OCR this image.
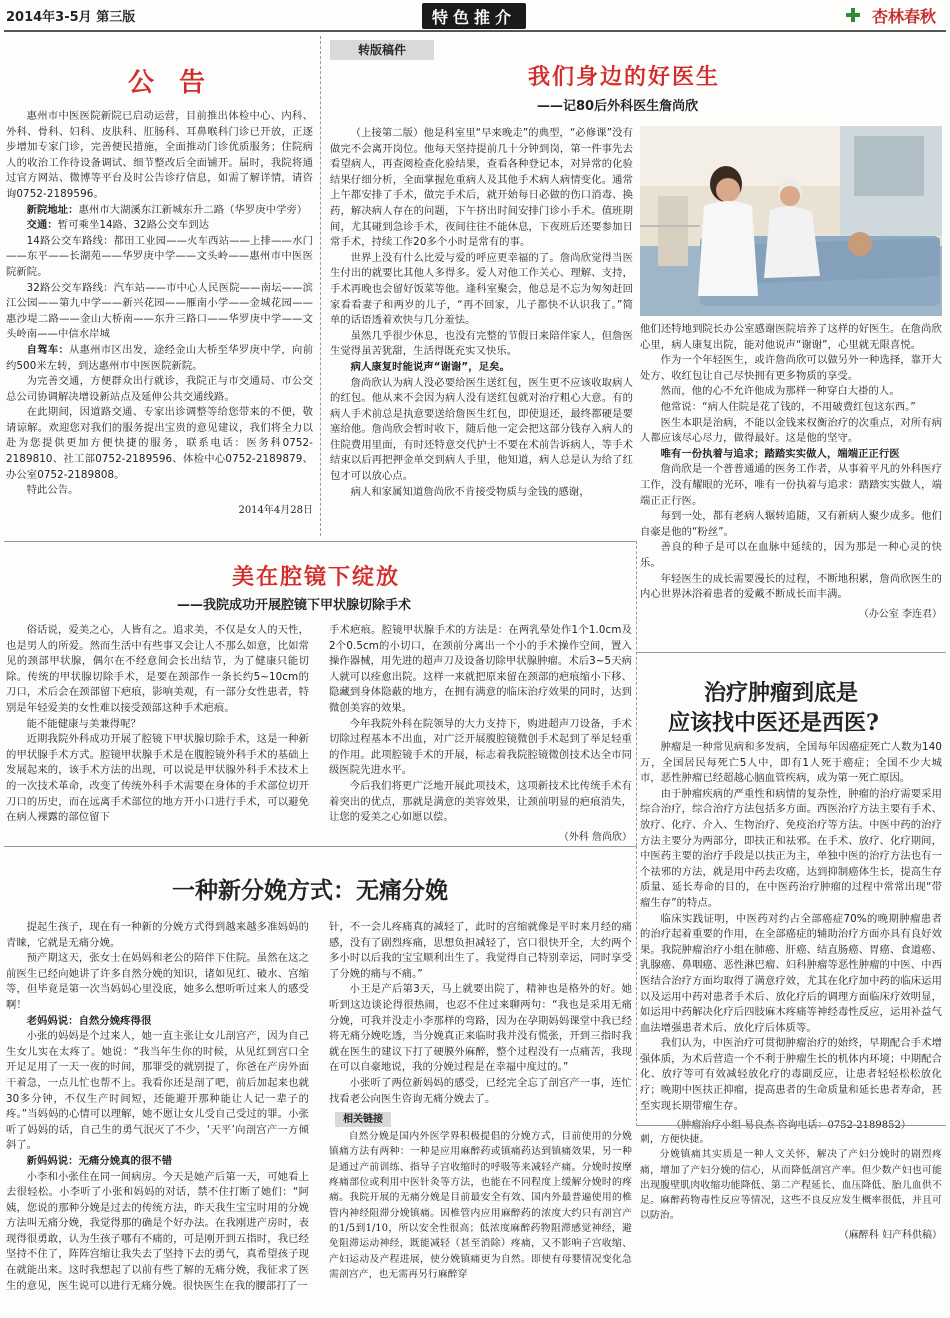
2014年3-5月 第三版	特色推介	杏林春秋
公 告

惠州市中医医院新院已启动运营，目前推出体检中心、内科、外科、骨科、妇科、皮肤科、肛肠科、耳鼻喉科门诊已开放，正逐步增加专家门诊，完善便民措施，全面推动门诊优质服务；住院病人的收治工作待设备调试、细节整改后全面铺开。届时，我院将通过官方网站、微博等平台及时公告诊疗信息，如需了解详情，请咨询0752-2189596。

新院地址：惠州市大湖溪东江新城东升二路（华罗庚中学旁）

交通：暂可乘坐14路、32路公交车到达

14路公交车路线：都田工业园——火车西站——上排——水门——东平——长湖苑——华罗庚中学——文头岭——惠州市中医医院新院。

32路公交车路线：汽车站——市中心人民医院——南坛——滨江公园——第九中学——新兴花园——雁南小学——金城花园——惠沙堤二路——金山大桥南——东升三路口——华罗庚中学——文头岭南——中信水岸城

自驾车：从惠州市区出发，途经金山大桥至华罗庚中学，向前约500米左转，到达惠州市中医医院新院。

为完善交通，方便群众出行就诊，我院正与市交通局、市公交总公司协调解决增设新站点及延伸公共交通线路。

在此期间，因道路交通、专家出诊调整等给您带来的不便，敬请谅解。欢迎您对我们的服务提出宝贵的意见建议，我们将全力以赴为您提供更加方便快捷的服务，联系电话：医务科0752-2189810、社工部0752-2189596、体检中心0752-2189879、办公室0752-2189808。

特此公告。

2014年4月28日

转版稿件
我们身边的好医生
——记80后外科医生詹尚欣

（上接第二版）他是科室里“早来晚走”的典型，“必修课”没有做完不会离开岗位。他每天坚持提前几十分钟到岗，第一件事先去看望病人，再查阅检查化验结果，查看各种登记本，对异常的化验结果仔细分析，全面掌握危重病人及其他手术病人病情变化。通常上午都安排了手术，做完手术后，就开始每日必做的伤口消毒、换药，解决病人存在的问题，下午挤出时间安排门诊小手术。值班期间，尤其碰到急诊手术，夜间往往不能休息，下夜班后还要参加日常手术，持续工作20多个小时是常有的事。

世界上没有什么比爱与爱的呼应更幸福的了。詹尚欣觉得当医生付出的就要比其他人多得多。爱人对他工作关心、理解、支持，手术再晚也会留好饭菜等他。逢科室聚会，他总是不忘为匆匆赶回家看看妻子和两岁的儿子，“再不回家，儿子都快不认识我了。”简单的话语透着欢快与几分羞怯。

虽然几乎很少休息，也没有完整的节假日来陪伴家人，但詹医生觉得虽苦犹甜，生活得既充实又快乐。

病人康复时能说声“谢谢”，足矣。

詹尚欣认为病人没必要给医生送红包，医生更不应该收取病人的红包。他从来不会因为病人没有送红包就对治疗粗心大意。有的病人手术前总是执意要送给詹医生红包，即使退还，最终都硬是要塞给他。詹尚欣会暂时收下，随后他一定会把这部分钱存入病人的住院费用里面，有时还特意交代护士不要在术前告诉病人，等手术结束以后再把押金单交到病人手里，他知道，病人总是认为给了红包才可以放心点。

病人和家属知道詹尚欣不肯接受物质与金钱的感谢，

他们还特地到院长办公室感谢医院培养了这样的好医生。在詹尚欣心里，病人康复出院，能对他说声“谢谢”，心里就无限喜悦。

作为一个年轻医生，或许詹尚欣可以做另外一种选择，靠开大处方、收红包让自己尽快拥有更多物质的享受。

然而，他的心不允许他成为那样一种穿白大褂的人。

他常说：“病人住院是花了钱的，不用破费红包这东西。”

医生本职是治病，不能以金钱来权衡治疗的次重点，对所有病人都应该尽心尽力，做得最好。这是他的坚守。

唯有一份执着与追求；踏踏实实做人，端端正正行医

詹尚欣是一个普普通通的医务工作者，从事着平凡的外科医疗工作，没有耀眼的光环，唯有一份执着与追求：踏踏实实做人，端端正正行医。

每到一处，都有老病人辗转追随，又有新病人聚少成多。他们自豪是他的“粉丝”。

善良的种子是可以在血脉中延续的，因为那是一种心灵的快乐。

年轻医生的成长需要漫长的过程，不断地积累，詹尚欣医生的内心世界沐浴着患者的爱戴不断成长而丰满。

（办公室 李连君）

美在腔镜下绽放
——我院成功开展腔镜下甲状腺切除手术

俗话说，爱美之心，人皆有之。追求美，不仅是女人的天性，也是男人的所爱。然而生活中有些事又会让人不那么如意，比如常见的颈部甲状腺，偶尔在不经意间会长出结节，为了健康只能切除。传统的甲状腺切除手术，是要在颈部作一条长约5~10cm的刀口，术后会在颈部留下疤痕，影响美观，有一部分女性患者，特别是年轻爱美的女性难以接受颈部这种手术疤痕。

能不能健康与美兼得呢？

近期我院外科成功开展了腔镜下甲状腺切除手术，这是一种新的甲状腺手术方式。腔镜甲状腺手术是在腹腔镜外科手术的基础上发展起来的，该手术方法的出现，可以说是甲状腺外科手术技术上的一次技术革命，改变了传统外科手术需要在身体的手术部位切开刀口的历史，而在远离手术部位的地方开小口进行手术，可以避免在病人裸露的部位留下

手术疤痕。腔镜甲状腺手术的方法是：在两乳晕处作1个1.0cm及2个0.5cm的小切口，在颈前分离出一个小的手术操作空间，置入操作器械，用先进的超声刀及设备切除甲状腺肿瘤。术后3~5天病人就可以痊愈出院。这样一来就把原来留在颈部的疤痕缩小下移、隐藏到身体隐蔽的地方，在拥有满意的临床治疗效果的同时，达到微创美容的效果。

今年我院外科在院领导的大力支持下，购进超声刀设备，手术切除过程基本不出血，对广泛开展腹腔镜微创手术起到了举足轻重的作用。此项腔镜手术的开展，标志着我院腔镜微创技术达全市同级医院先进水平。

今后我们将更广泛地开展此项技术，这项新技术比传统手术有着突出的优点，那就是满意的美容效果，让颈前明显的疤痕消失，让您的爱美之心如愿以偿。

（外科 詹尚欣）

治疗肿瘤到底是
应该找中医还是西医?

肿瘤是一种常见病和多发病，全国每年因癌症死亡人数为140万，全国居民每死亡5人中，即有1人死于癌症；全国不少大城市，恶性肿瘤已经超越心脑血管疾病，成为第一死亡原因。

由于肿瘤疾病的严重性和病情的复杂性，肿瘤的治疗需要采用综合治疗，综合治疗方法包括多方面。西医治疗方法主要有手术、放疗、化疗、介入、生物治疗、免疫治疗等方法。中医中药的治疗方法主要分为两部分，即扶正和祛邪。在手术、放疗、化疗期间，中医药主要的治疗手段是以扶正为主，单独中医的治疗方法也有一个祛邪的方法，就是用中药去攻癌，达到抑制癌体生长，提高生存质量、延长寿命的目的，在中医药治疗肿瘤的过程中常常出现“带瘤生存”的特点。

临床实践证明，中医药对约占全部癌症70%的晚期肿瘤患者的治疗起着重要的作用，在全部癌症的辅助治疗方面亦具有良好效果。我院肿瘤治疗小组在肺癌、肝癌、结直肠癌、胃癌、食道癌、乳腺癌、鼻咽癌、恶性淋巴瘤、妇科肿瘤等恶性肿瘤的中医、中西医结合治疗方面均取得了满意疗效，尤其在化疗加中药的临床运用以及运用中药对患者手术后、放化疗后的调理方面临床疗效明显，如运用中药解决化疗后四肢麻木疼痛等神经毒性反应，运用补益气血法增强患者术后、放化疗后体质等。

我们认为，中医治疗可贯彻肿瘤治疗的始终，早期配合手术增强体质，为术后营造一个不利于肿瘤生长的机体内环境；中期配合化、放疗等可有效减轻放化疗的毒副反应，让患者轻轻松松放化疗；晚期中医扶正抑瘤，提高患者的生命质量和延长患者寿命，甚至实现长期带瘤生存。

（肿瘤治疗小组 易良杰 咨询电话：0752-2189852）

一种新分娩方式：无痛分娩

提起生孩子，现在有一种新的分娩方式得到越来越多准妈妈的青睐，它就是无痛分娩。

预产期这天，张女士在妈妈和老公的陪伴下住院。虽然在这之前医生已经向她讲了许多自然分娩的知识，诸如见红、破水、宫缩等，但毕竟是第一次当妈妈心里没底，她多么想听听过来人的感受啊！

老妈妈说：自然分娩疼得很

小张的妈妈是个过来人，她一直主张让女儿剖宫产，因为自己生女儿实在太疼了。她说：“我当年生你的时候，从见红到宫口全开足足用了一天一夜的时间，那罪受的就别提了，你爸在产房外面干着急，一点儿忙也帮不上。我看你还是剖了吧，前后加起来也就30多分钟，不仅生产时间短，还能避开那种能让人记一辈子的疼。”当妈妈的心情可以理解，她不愿让女儿受自己受过的罪。小张听了妈妈的话，自己生的勇气泯灭了不少，‘天平’向剖宫产一方倾斜了。

新妈妈说：无痛分娩真的很不错

小李和小张住在同一间病房。今天是她产后第一天，可她看上去很轻松。小李听了小张和妈妈的对话，禁不住打断了她们：“阿姨，您说的那种分娩是过去的传统方法，昨天我生宝宝时用的分娩方法叫无痛分娩，我觉得那的确是个好办法。在我刚进产房时，表现得很勇敢，认为生孩子哪有不痛的，可是刚开到五指时，我已经坚持不住了，阵阵宫缩让我失去了坚持下去的勇气，真希望孩子现在就能出来。这时我想起了以前有些了解的无痛分娩，我征求了医生的意见，医生说可以进行无痛分娩。很快医生在我的腰部打了一

针，不一会儿疼痛真的减轻了，此时的宫缩就像是平时来月经的痛感，没有了剧烈疼痛，思想负担减轻了，宫口很快开全，大约两个多小时以后我的宝宝顺利出生了。我觉得自己特别幸运，同时享受了分娩的痛与不痛。”

小王是产后第3天，马上就要出院了，精神也是格外的好。她听到这边谈论得很热闹，也忍不住过来聊两句：“我也是采用无痛分娩，可我并没走小李那样的弯路，因为在孕期妈妈课堂中我已经将无痛分娩吃透，当分娩真正来临时我并没有慌张，开到三指时我就在医生的建议下打了硬膜外麻醉，整个过程没有一点痛苦，我现在可以自豪地说，我的分娩过程是在幸福中度过的。”

小张听了两位新妈妈的感受，已经完全忘了剖宫产一事，连忙找看老公向医生咨询无痛分娩去了。

相关链接

自然分娩是国内外医学界积极提倡的分娩方式，目前使用的分娩镇痛方法有两种：一种是应用麻醉药或镇痛药达到镇痛效果，另一种是通过产前训练、指导子宫收缩时的呼吸等来减轻产痛。分娩时按摩疼痛部位或利用中医针灸等方法，也能在不同程度上缓解分娩时的疼痛。我院开展的无痛分娩是目前最安全有效、国内外最普遍使用的椎管内神经阻滞分娩镇痛。因椎管内应用麻醉药的浓度大约只有剖宫产的1/5到1/10，所以安全性很高；低浓度麻醉药物阻滞感觉神经，避免阻滞运动神经，既能减轻（甚至消除）疼痛，又不影响子宫收缩、产妇运动及产程进展，使分娩镇痛更为自然。即使有母婴情况变化急需剖宫产，也无需再另行麻醉穿

刺，方便快捷。

分娩镇痛其实质是一种人文关怀，解决了产妇分娩时的剧烈疼痛，增加了产妇分娩的信心，从而降低剖宫产率。但少数产妇也可能出现腹壁肌肉收缩功能降低、第二产程延长、血压降低、胎儿血供不足。麻醉药物毒性反应等情况，这些不良反应发生概率很低，并且可以防治。

（麻醉科 妇产科供稿）
